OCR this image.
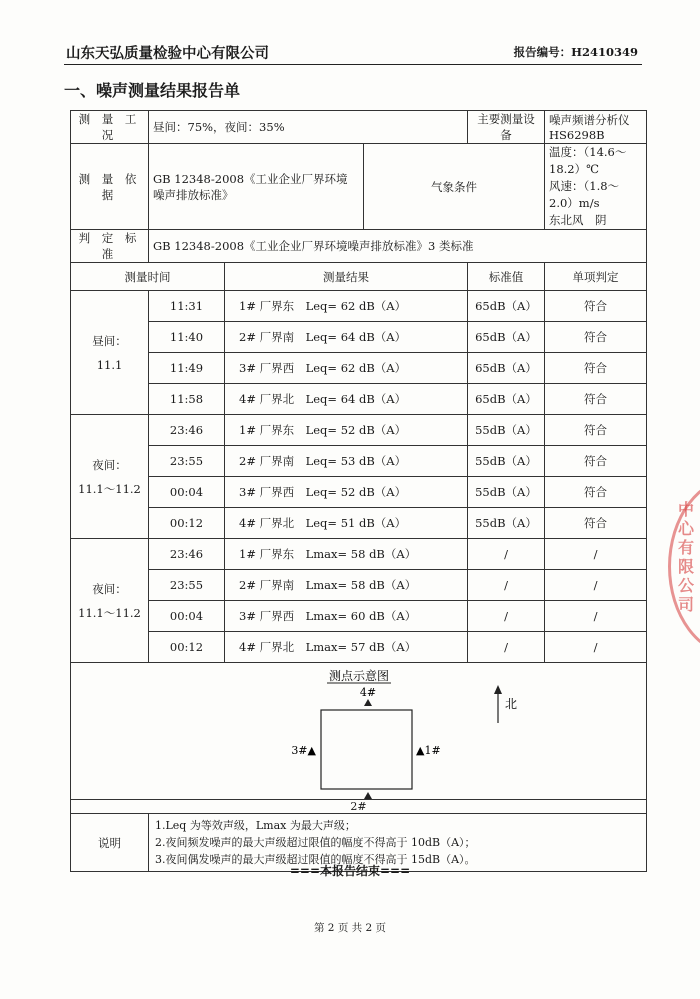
山东天弘质量检验中心有限公司	报告编号：H2410349
一、噪声测量结果报告单
测 量 工 况	昼间：75%，夜间：35%			主要测量设备	噪声频谱分析仪 HS6298B
测 量 依 据	GB 12348-2008《工业企业厂界环境噪声排放标准》		气象条件		温度：（14.6～18.2）℃
风速：（1.8～2.0）m/s
东北风　阴

判 定 标 准	GB 12348-2008《工业企业厂界环境噪声排放标准》3 类标准				
测量时间		测量结果		标准值	单项判定

昼间：
11.1	11:31	1# 厂界东　Leq= 62 dB（A）		65dB（A）	符合
	11:40	2# 厂界南　Leq= 64 dB（A）		65dB（A）	符合
	11:49	3# 厂界西　Leq= 62 dB（A）		65dB（A）	符合
	11:58	4# 厂界北　Leq= 64 dB（A）		65dB（A）	符合

夜间：
11.1～11.2	23:46	1# 厂界东　Leq= 52 dB（A）		55dB（A）	符合
	23:55	2# 厂界南　Leq= 53 dB（A）		55dB（A）	符合
	00:04	3# 厂界西　Leq= 52 dB（A）		55dB（A）	符合
	00:12	4# 厂界北　Leq= 51 dB（A）		55dB（A）	符合

夜间：
11.1～11.2	23:46	1# 厂界东　Lmax= 58 dB（A）		/	/
	23:55	2# 厂界南　Lmax= 58 dB（A）		/	/
	00:04	3# 厂界西　Lmax= 60 dB（A）		/	/
	00:12	4# 厂界北　Lmax= 57 dB（A）		/	/

测点示意图
4#
▲1#
3#▲
北					

2#					
说明	1.Leq 为等效声级，Lmax 为最大声级；
2.夜间频发噪声的最大声级超过限值的幅度不得高于 10dB（A）；
3.夜间偶发噪声的最大声级超过限值的幅度不得高于 15dB（A）。				
===本报告结束===
第 2 页 共 2 页
中心有限公司
